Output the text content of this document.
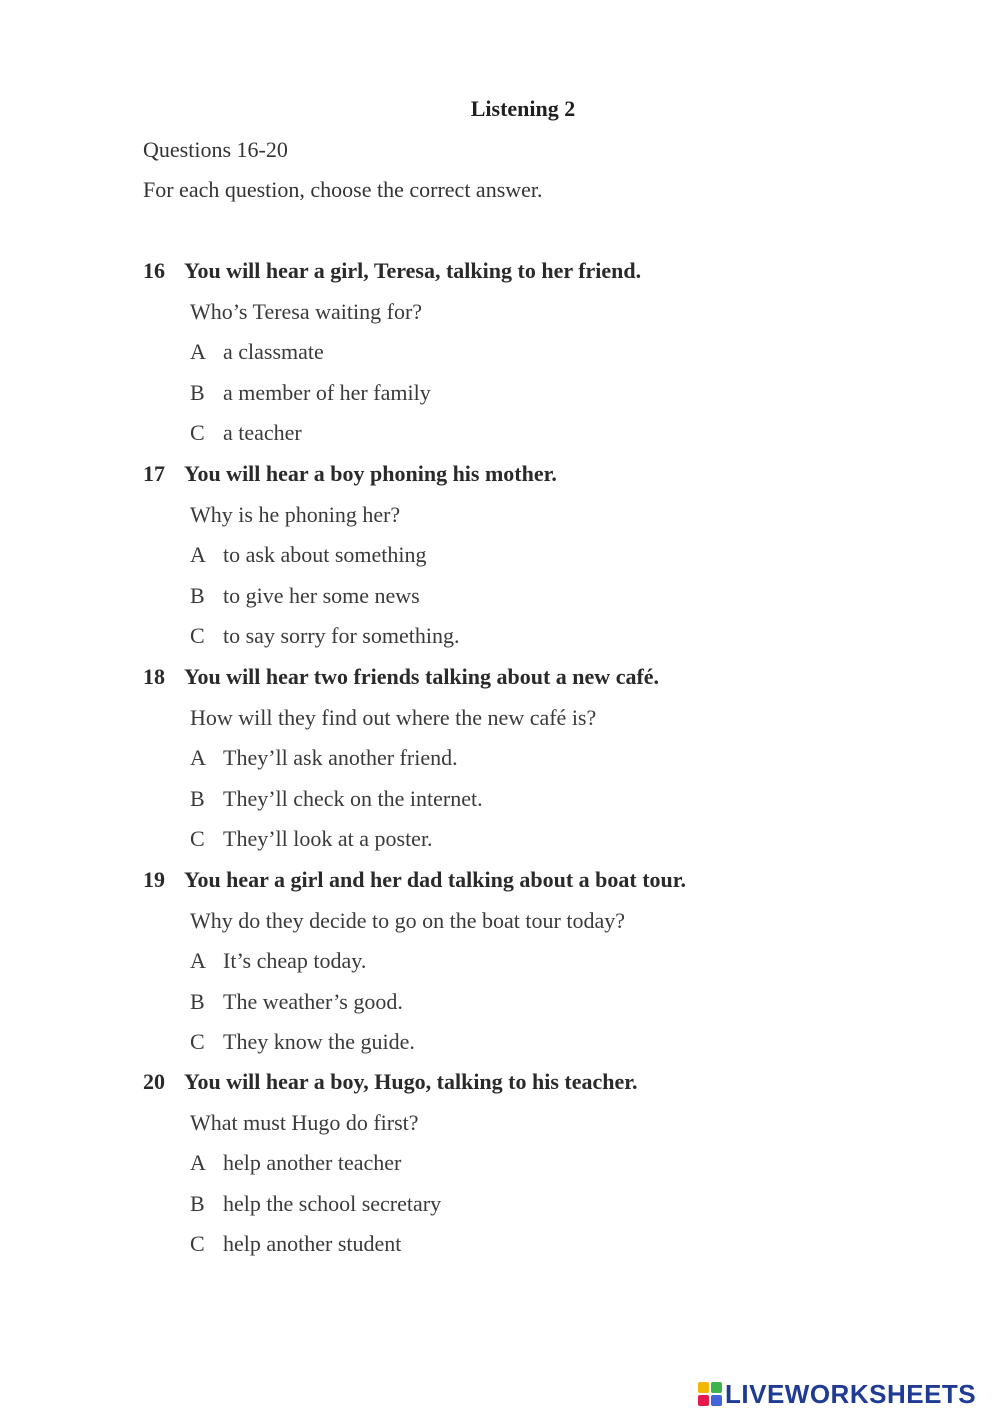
Listening 2
Questions 16-20
For each question, choose the correct answer.
16 You will hear a girl, Teresa, talking to her friend.
Who’s Teresa waiting for?
A a classmate
B a member of her family
C a teacher
17 You will hear a boy phoning his mother.
Why is he phoning her?
A to ask about something
B to give her some news
C to say sorry for something.
18 You will hear two friends talking about a new café.
How will they find out where the new café is?
A They’ll ask another friend.
B They’ll check on the internet.
C They’ll look at a poster.
19 You hear a girl and her dad talking about a boat tour.
Why do they decide to go on the boat tour today?
A It’s cheap today.
B The weather’s good.
C They know the guide.
20 You will hear a boy, Hugo, talking to his teacher.
What must Hugo do first?
A help another teacher
B help the school secretary
C help another student
LIVEWORKSHEETS
